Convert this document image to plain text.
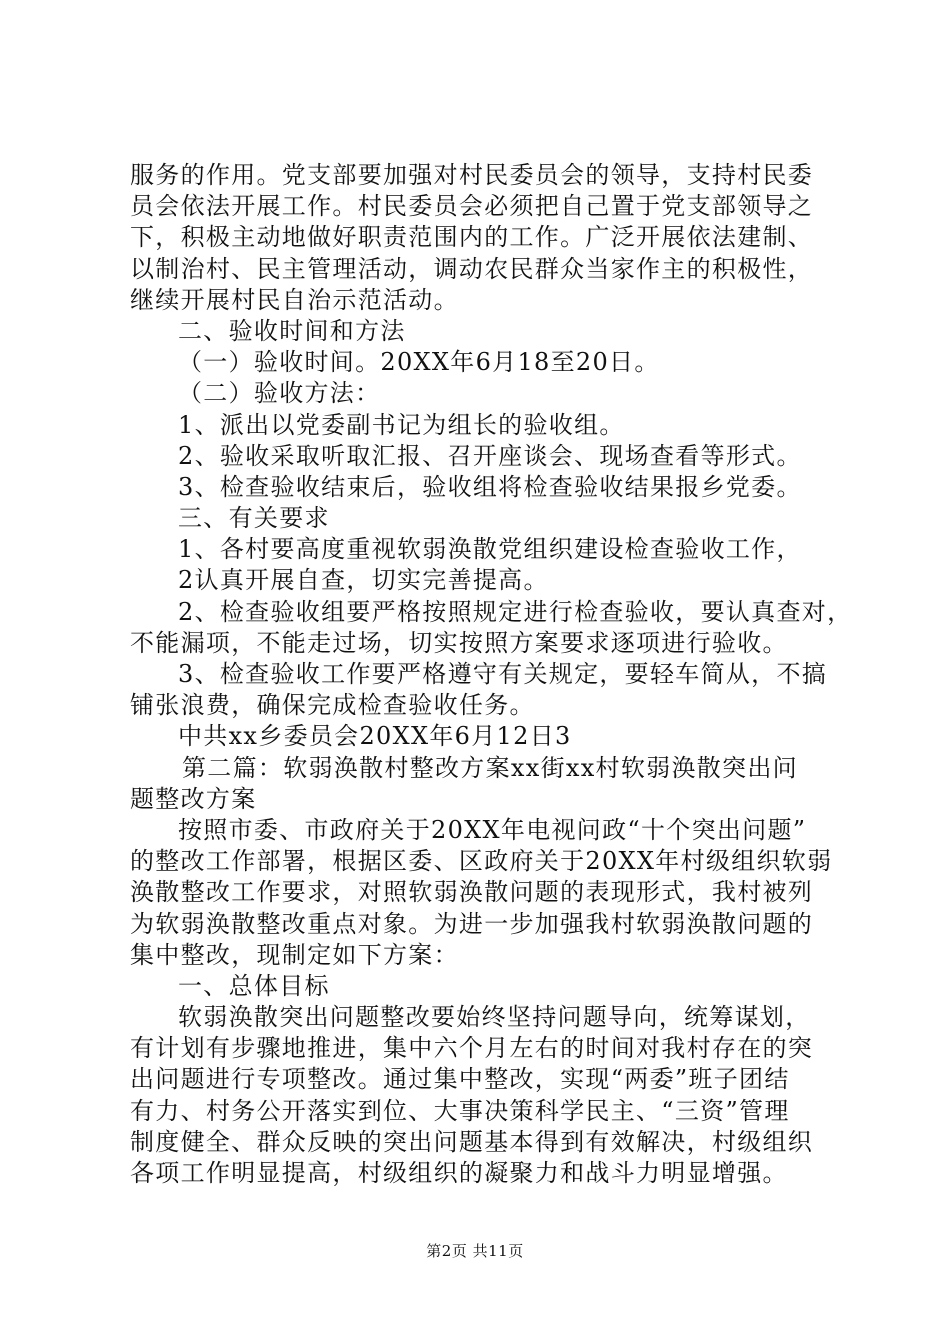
服务的作用。党支部要加强对村民委员会的领导，支持村民委
员会依法开展工作。村民委员会必须把自己置于党支部领导之
下，积极主动地做好职责范围内的工作。广泛开展依法建制、
以制治村、民主管理活动，调动农民群众当家作主的积极性，
继续开展村民自治示范活动。
二、验收时间和方法
（一）验收时间。20XX年6月18至20日。
（二）验收方法：
1、派出以党委副书记为组长的验收组。
2、验收采取听取汇报、召开座谈会、现场查看等形式。
3、检查验收结束后，验收组将检查验收结果报乡党委。
三、有关要求
1、各村要高度重视软弱涣散党组织建设检查验收工作，
2认真开展自查，切实完善提高。
2、检查验收组要严格按照规定进行检查验收，要认真查对，
不能漏项，不能走过场，切实按照方案要求逐项进行验收。
3、检查验收工作要严格遵守有关规定，要轻车简从，不搞
铺张浪费，确保完成检查验收任务。
中共xx乡委员会20XX年6月12日3
第二篇：软弱涣散村整改方案xx街xx村软弱涣散突出问
题整改方案
按照市委、市政府关于20XX年电视问政“十个突出问题”
的整改工作部署，根据区委、区政府关于20XX年村级组织软弱
涣散整改工作要求，对照软弱涣散问题的表现形式，我村被列
为软弱涣散整改重点对象。为进一步加强我村软弱涣散问题的
集中整改，现制定如下方案：
一、总体目标
软弱涣散突出问题整改要始终坚持问题导向，统筹谋划，
有计划有步骤地推进，集中六个月左右的时间对我村存在的突
出问题进行专项整改。通过集中整改，实现“两委”班子团结
有力、村务公开落实到位、大事决策科学民主、“三资”管理
制度健全、群众反映的突出问题基本得到有效解决，村级组织
各项工作明显提高，村级组织的凝聚力和战斗力明显增强。
第2页 共11页
